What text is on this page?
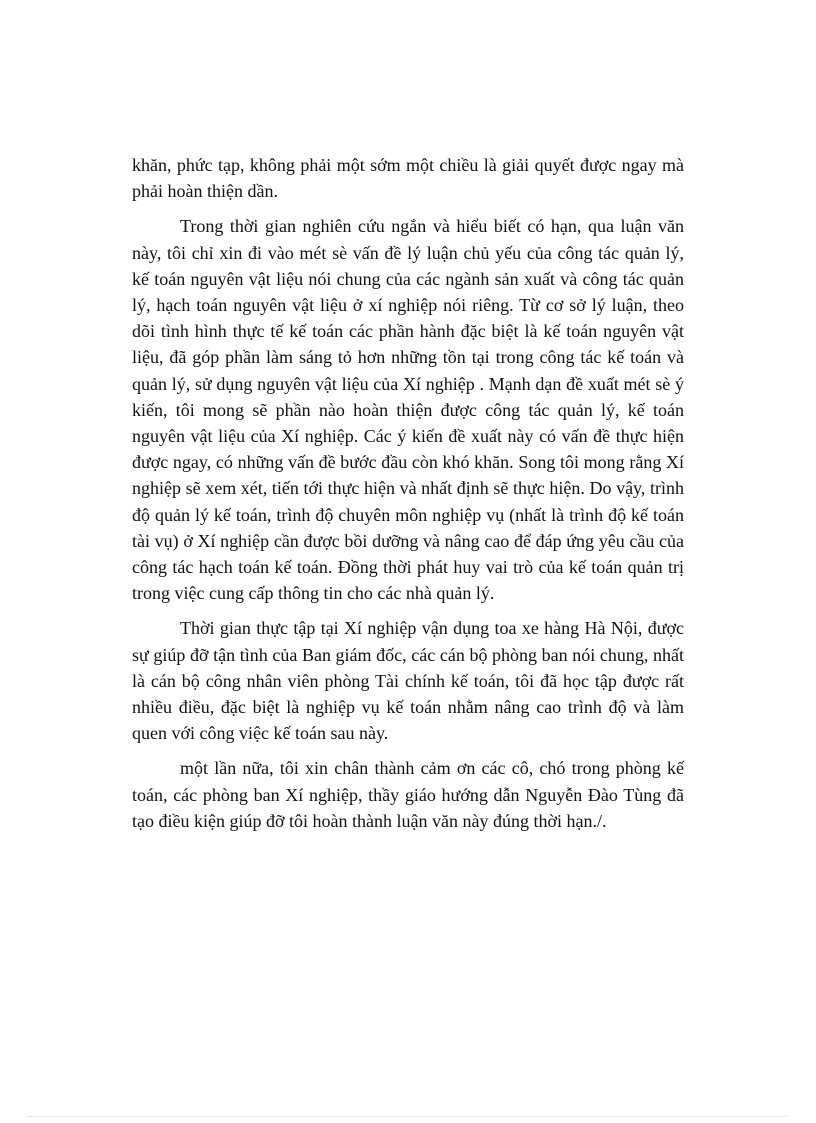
khăn, phức tạp, không phải một sớm một chiều là giải quyết được ngay mà phải hoàn thiện dần.

Trong thời gian nghiên cứu ngắn và hiểu biết có hạn, qua luận văn này, tôi chỉ xin đi vào mét sè vấn đề lý luận chủ yếu của công tác quản lý, kế toán nguyên vật liệu nói chung của các ngành sản xuất và công tác quản lý, hạch toán nguyên vật liệu ở xí nghiệp nói riêng. Từ cơ sở lý luận, theo dõi tình hình thực tế kế toán các phần hành đặc biệt là kế toán nguyên vật liệu, đã góp phần làm sáng tỏ hơn những tồn tại trong công tác kế toán và quản lý, sử dụng nguyên vật liệu của Xí nghiệp . Mạnh dạn đề xuất mét sè ý kiến, tôi mong sẽ phần nào hoàn thiện được công tác quản lý, kế toán nguyên vật liệu của Xí nghiệp. Các ý kiến đề xuất này có vấn đề thực hiện được ngay, có những vấn đề bước đầu còn khó khăn. Song tôi mong rằng Xí nghiệp sẽ xem xét, tiến tới thực hiện và nhất định sẽ thực hiện. Do vậy, trình độ quản lý kế toán, trình độ chuyên môn nghiệp vụ (nhất là trình độ kế toán tài vụ) ở Xí nghiệp cần được bồi dưỡng và nâng cao để đáp ứng yêu cầu của công tác hạch toán kế toán. Đồng thời phát huy vai trò của kế toán quản trị trong việc cung cấp thông tin cho các nhà quản lý.

Thời gian thực tập tại Xí nghiệp vận dụng toa xe hàng Hà Nội, được sự giúp đỡ tận tình của Ban giám đốc, các cán bộ phòng ban nói chung, nhất là cán bộ công nhân viên phòng Tài chính kế toán, tôi đã học tập được rất nhiều điều, đặc biệt là nghiệp vụ kế toán nhằm nâng cao trình độ và làm quen với công việc kế toán sau này.

một lần nữa, tôi xin chân thành cảm ơn các cô, chó trong phòng kế toán, các phòng ban Xí nghiệp, thầy giáo hướng dẫn Nguyễn Đào Tùng đã tạo điều kiện giúp đỡ tôi hoàn thành luận văn này đúng thời hạn./.
